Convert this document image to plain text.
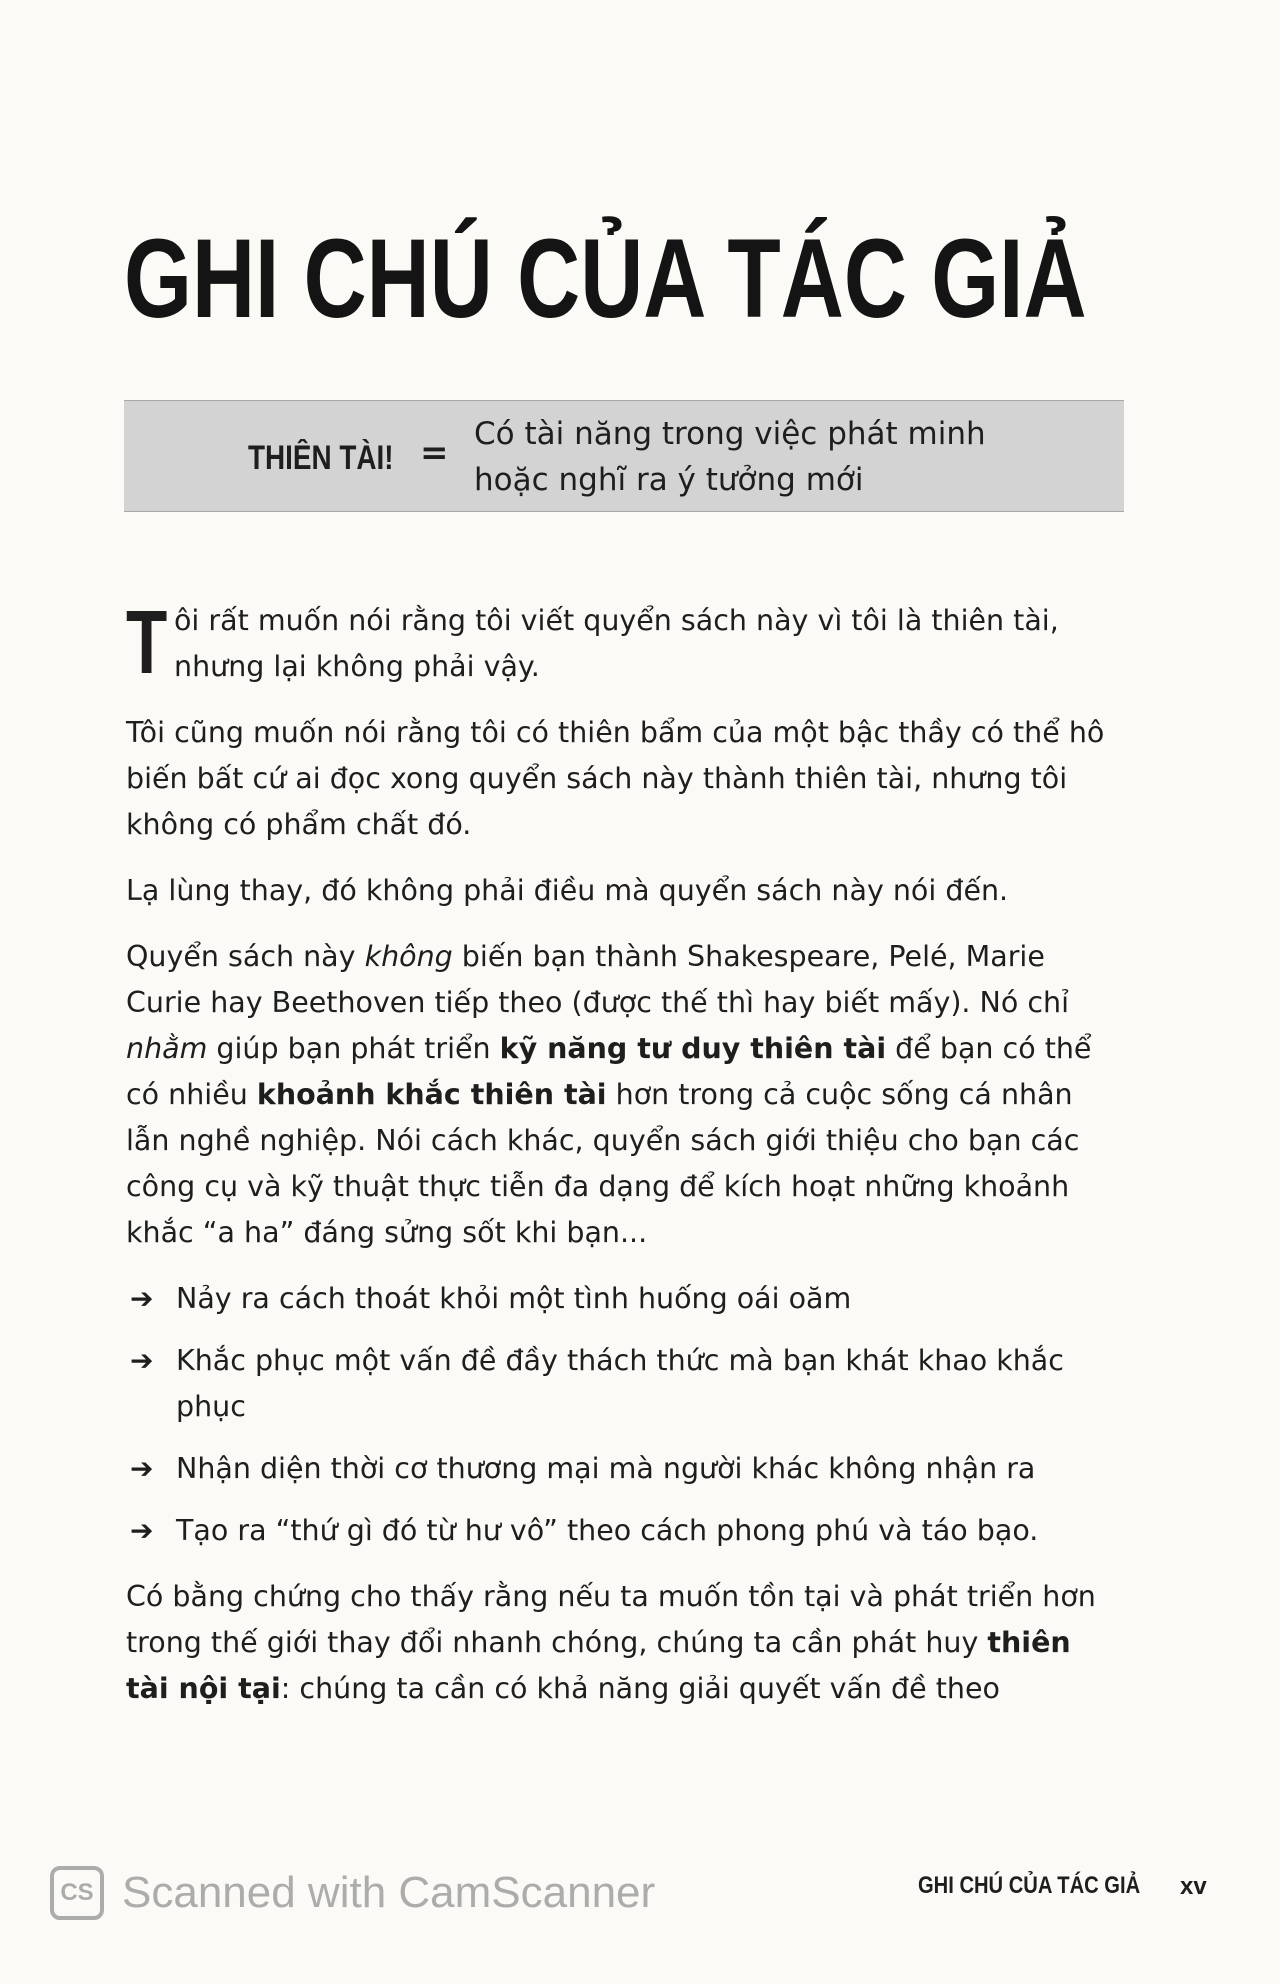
GHI CHÚ CỦA TÁC GIẢ
THIÊN TÀI! = Có tài năng trong việc phát minh
hoặc nghĩ ra ý tưởng mới

Tôi rất muốn nói rằng tôi viết quyển sách này vì tôi là thiên tài, nhưng lại không phải vậy.

Tôi cũng muốn nói rằng tôi có thiên bẩm của một bậc thầy có thể hô biến bất cứ ai đọc xong quyển sách này thành thiên tài, nhưng tôi không có phẩm chất đó.

Lạ lùng thay, đó không phải điều mà quyển sách này nói đến.

Quyển sách này không biến bạn thành Shakespeare, Pelé, Marie Curie hay Beethoven tiếp theo (được thế thì hay biết mấy). Nó chỉ nhằm giúp bạn phát triển kỹ năng tư duy thiên tài để bạn có thể có nhiều khoảnh khắc thiên tài hơn trong cả cuộc sống cá nhân lẫn nghề nghiệp. Nói cách khác, quyển sách giới thiệu cho bạn các công cụ và kỹ thuật thực tiễn đa dạng để kích hoạt những khoảnh khắc “a ha” đáng sửng sốt khi bạn...

➔ Nảy ra cách thoát khỏi một tình huống oái oăm
➔ Khắc phục một vấn đề đầy thách thức mà bạn khát khao khắc phục
➔ Nhận diện thời cơ thương mại mà người khác không nhận ra
➔ Tạo ra “thứ gì đó từ hư vô” theo cách phong phú và táo bạo.

Có bằng chứng cho thấy rằng nếu ta muốn tồn tại và phát triển hơn trong thế giới thay đổi nhanh chóng, chúng ta cần phát huy thiên tài nội tại: chúng ta cần có khả năng giải quyết vấn đề theo

CS Scanned with CamScanner	GHI CHÚ CỦA TÁC GIẢ xv
